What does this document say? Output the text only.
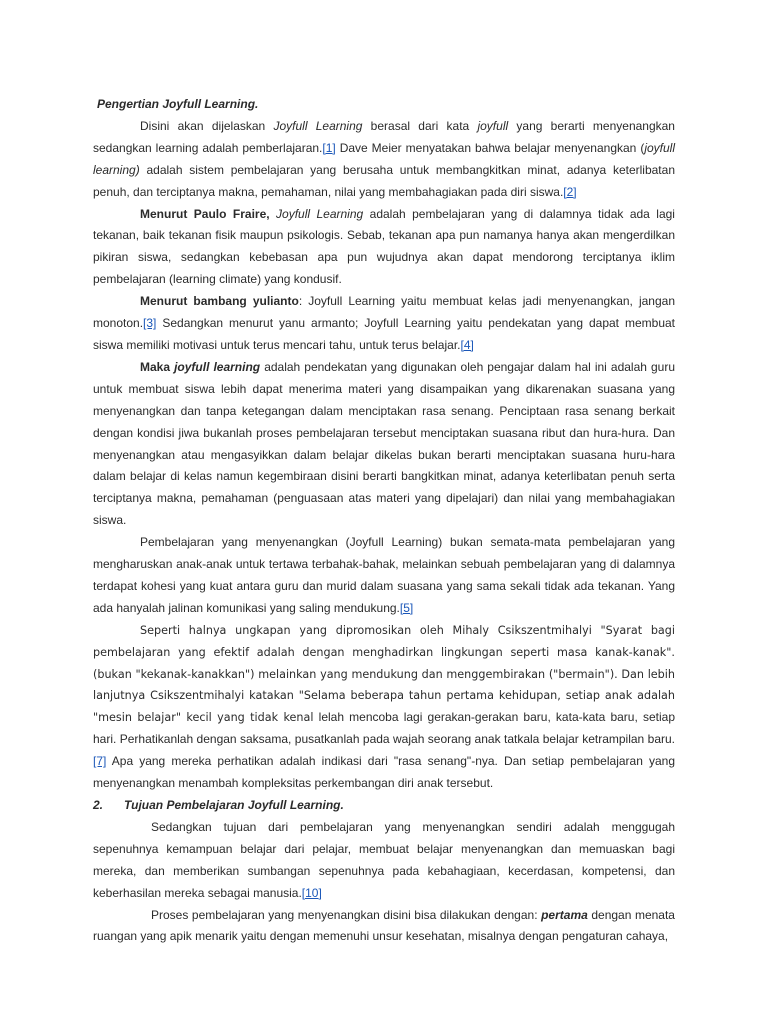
Pengertian Joyfull Learning.

Disini akan dijelaskan Joyfull Learning berasal dari kata joyfull yang berarti menyenangkan sedangkan learning adalah pemberlajaran.[1] Dave Meier menyatakan bahwa belajar menyenangkan (joyfull learning) adalah sistem pembelajaran yang berusaha untuk membangkitkan minat, adanya keterlibatan penuh, dan terciptanya makna, pemahaman, nilai yang membahagiakan pada diri siswa.[2]

Menurut Paulo Fraire, Joyfull Learning adalah pembelajaran yang di dalamnya tidak ada lagi tekanan, baik tekanan fisik maupun psikologis. Sebab, tekanan apa pun namanya hanya akan mengerdilkan pikiran siswa, sedangkan kebebasan apa pun wujudnya akan dapat mendorong terciptanya iklim pembelajaran (learning climate) yang kondusif.

Menurut bambang yulianto: Joyfull Learning yaitu membuat kelas jadi menyenangkan, jangan monoton.[3] Sedangkan menurut yanu armanto; Joyfull Learning yaitu pendekatan yang dapat membuat siswa memiliki motivasi untuk terus mencari tahu, untuk terus belajar.[4]

Maka joyfull learning adalah pendekatan yang digunakan oleh pengajar dalam hal ini adalah guru untuk membuat siswa lebih dapat menerima materi yang disampaikan yang dikarenakan suasana yang menyenangkan dan tanpa ketegangan dalam menciptakan rasa senang. Penciptaan rasa senang berkait dengan kondisi jiwa bukanlah proses pembelajaran tersebut menciptakan suasana ribut dan hura-hura. Dan menyenangkan atau mengasyikkan dalam belajar dikelas bukan berarti menciptakan suasana huru-hara dalam belajar di kelas namun kegembiraan disini berarti bangkitkan minat, adanya keterlibatan penuh serta terciptanya makna, pemahaman (penguasaan atas materi yang dipelajari) dan nilai yang membahagiakan siswa.

Pembelajaran yang menyenangkan (Joyfull Learning) bukan semata-mata pembelajaran yang mengharuskan anak-anak untuk tertawa terbahak-bahak, melainkan sebuah pembelajaran yang di dalamnya terdapat kohesi yang kuat antara guru dan murid dalam suasana yang sama sekali tidak ada tekanan. Yang ada hanyalah jalinan komunikasi yang saling mendukung.[5]

Seperti halnya ungkapan yang dipromosikan oleh Mihaly Csikszentmihalyi "Syarat bagi pembelajaran yang efektif adalah dengan menghadirkan lingkungan seperti masa kanak-kanak". (bukan "kekanak-kanakkan") melainkan yang mendukung dan menggembirakan ("bermain"). Dan lebih lanjutnya Csikszentmihalyi katakan "Selama beberapa tahun pertama kehidupan, setiap anak adalah "mesin belajar" kecil yang tidak kenal lelah mencoba lagi gerakan-gerakan baru, kata-kata baru, setiap hari. Perhatikanlah dengan saksama, pusatkanlah pada wajah seorang anak tatkala belajar ketrampilan baru.[7] Apa yang mereka perhatikan adalah indikasi dari "rasa senang"-nya. Dan setiap pembelajaran yang menyenangkan menambah kompleksitas perkembangan diri anak tersebut.

2. Tujuan Pembelajaran Joyfull Learning.

Sedangkan tujuan dari pembelajaran yang menyenangkan sendiri adalah menggugah sepenuhnya kemampuan belajar dari pelajar, membuat belajar menyenangkan dan memuaskan bagi mereka, dan memberikan sumbangan sepenuhnya pada kebahagiaan, kecerdasan, kompetensi, dan keberhasilan mereka sebagai manusia.[10]

Proses pembelajaran yang menyenangkan disini bisa dilakukan dengan: pertama dengan menata ruangan yang apik menarik yaitu dengan memenuhi unsur kesehatan, misalnya dengan pengaturan cahaya,
